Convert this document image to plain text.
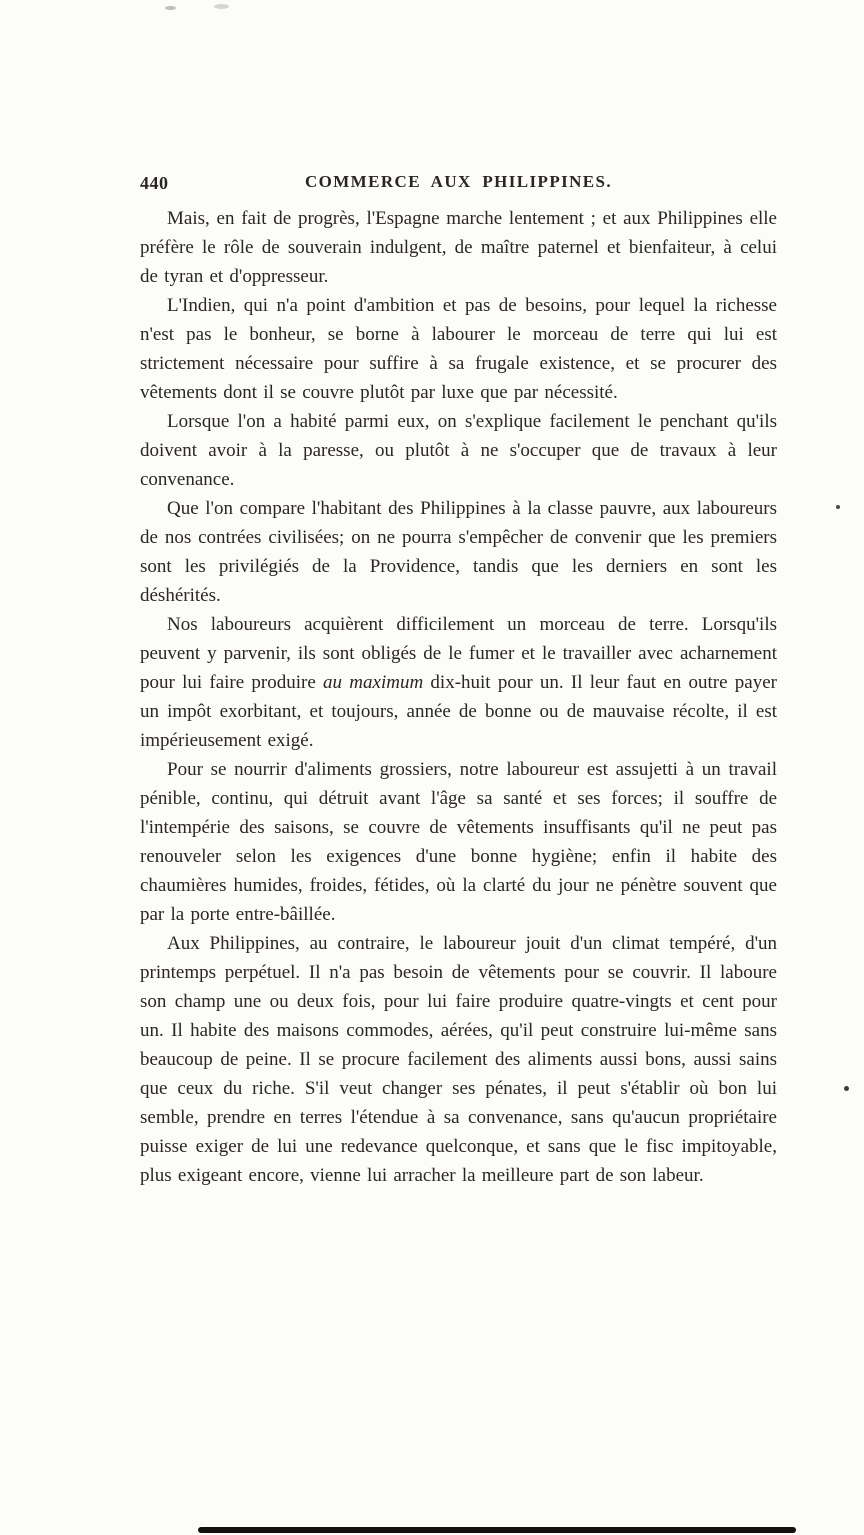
440	COMMERCE AUX PHILIPPINES.

Mais, en fait de progrès, l'Espagne marche lentement ; et aux Philippines elle préfère le rôle de souverain indulgent, de maître paternel et bienfaiteur, à celui de tyran et d'oppresseur.

L'Indien, qui n'a point d'ambition et pas de besoins, pour lequel la richesse n'est pas le bonheur, se borne à labourer le morceau de terre qui lui est strictement nécessaire pour suffire à sa frugale existence, et se procurer des vêtements dont il se couvre plutôt par luxe que par nécessité.

Lorsque l'on a habité parmi eux, on s'explique facilement le penchant qu'ils doivent avoir à la paresse, ou plutôt à ne s'occuper que de travaux à leur convenance.

Que l'on compare l'habitant des Philippines à la classe pauvre, aux laboureurs de nos contrées civilisées; on ne pourra s'empêcher de convenir que les premiers sont les privilégiés de la Providence, tandis que les derniers en sont les déshérités.

Nos laboureurs acquièrent difficilement un morceau de terre. Lorsqu'ils peuvent y parvenir, ils sont obligés de le fumer et le travailler avec acharnement pour lui faire produire au maximum dix-huit pour un. Il leur faut en outre payer un impôt exorbitant, et toujours, année de bonne ou de mauvaise récolte, il est impérieusement exigé.

Pour se nourrir d'aliments grossiers, notre laboureur est assujetti à un travail pénible, continu, qui détruit avant l'âge sa santé et ses forces; il souffre de l'intempérie des saisons, se couvre de vêtements insuffisants qu'il ne peut pas renouveler selon les exigences d'une bonne hygiène; enfin il habite des chaumières humides, froides, fétides, où la clarté du jour ne pénètre souvent que par la porte entre-bâillée.

Aux Philippines, au contraire, le laboureur jouit d'un climat tempéré, d'un printemps perpétuel. Il n'a pas besoin de vêtements pour se couvrir. Il laboure son champ une ou deux fois, pour lui faire produire quatre-vingts et cent pour un. Il habite des maisons commodes, aérées, qu'il peut construire lui-même sans beaucoup de peine. Il se procure facilement des aliments aussi bons, aussi sains que ceux du riche. S'il veut changer ses pénates, il peut s'établir où bon lui semble, prendre en terres l'étendue à sa convenance, sans qu'aucun propriétaire puisse exiger de lui une redevance quelconque, et sans que le fisc impitoyable, plus exigeant encore, vienne lui arracher la meilleure part de son labeur.
